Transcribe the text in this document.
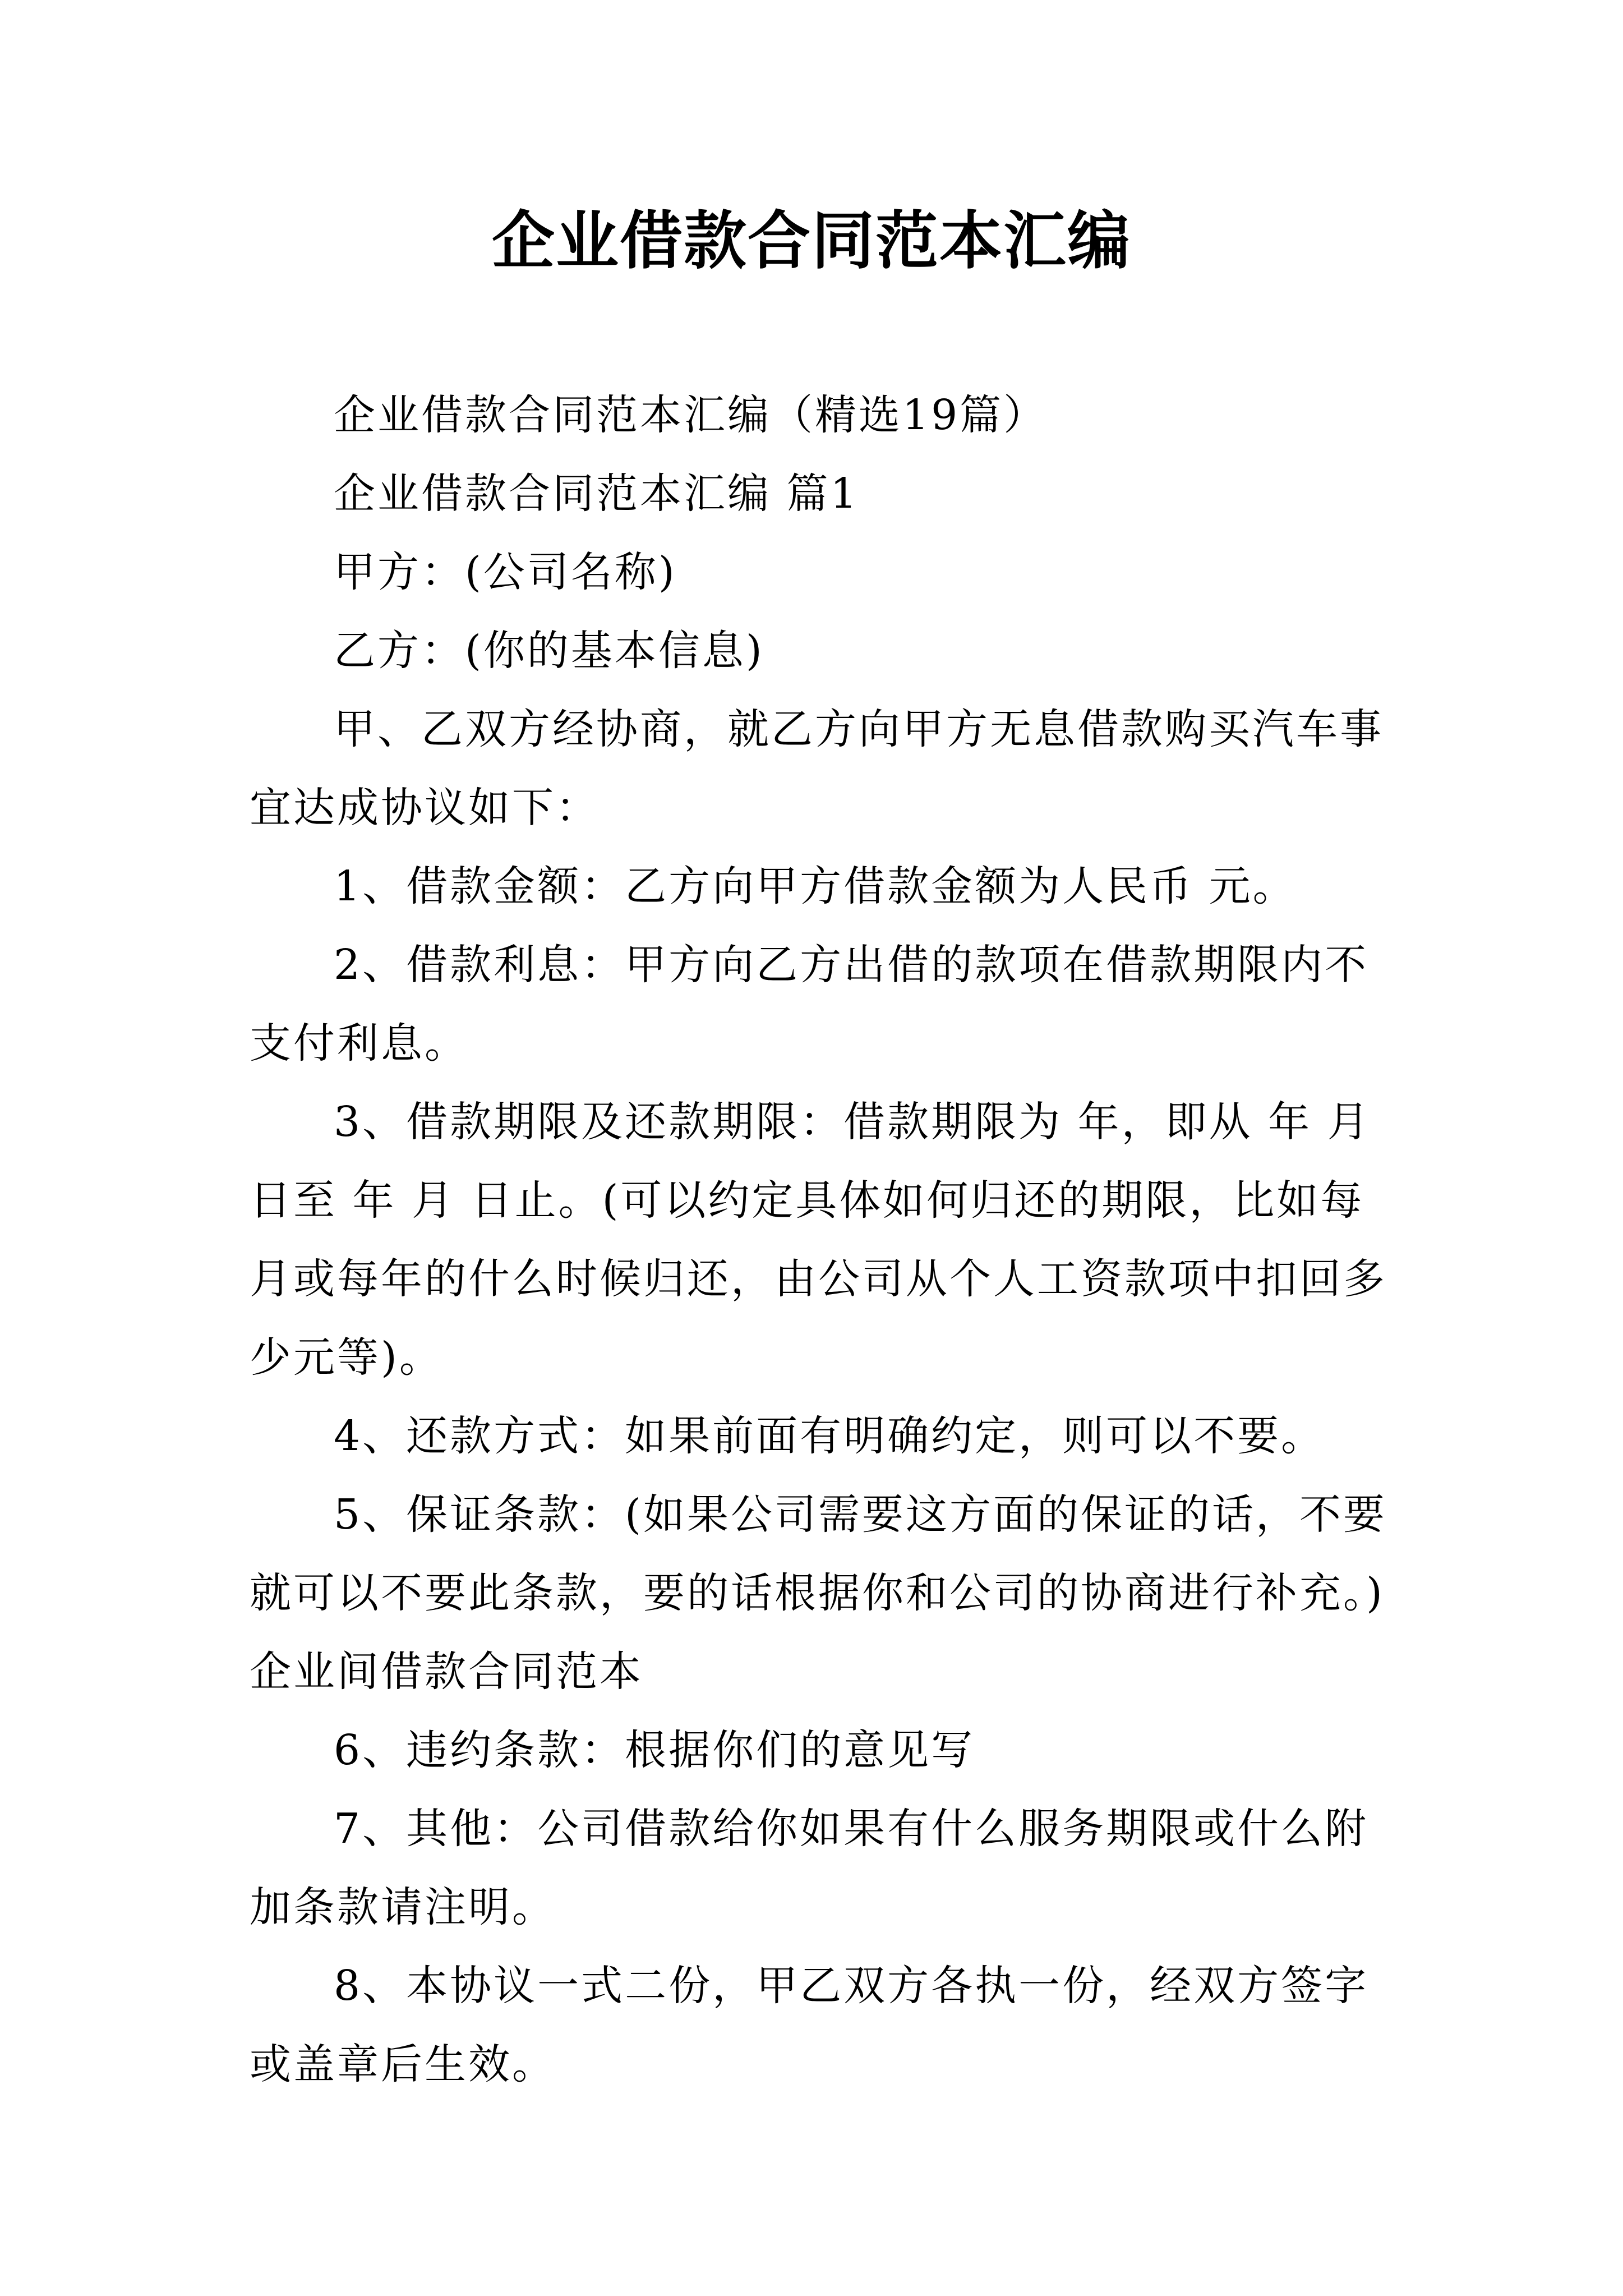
企业借款合同范本汇编

企业借款合同范本汇编（精选19篇）

企业借款合同范本汇编 篇1

甲方：(公司名称)

乙方：(你的基本信息)

甲、乙双方经协商，就乙方向甲方无息借款购买汽车事宜达成协议如下：

1、借款金额：乙方向甲方借款金额为人民币 元。

2、借款利息：甲方向乙方出借的款项在借款期限内不支付利息。

3、借款期限及还款期限：借款期限为 年，即从 年 月 日至 年 月 日止。(可以约定具体如何归还的期限，比如每月或每年的什么时候归还，由公司从个人工资款项中扣回多少元等)。

4、还款方式：如果前面有明确约定，则可以不要。

5、保证条款：(如果公司需要这方面的保证的话，不要就可以不要此条款，要的话根据你和公司的协商进行补充。)

企业间借款合同范本

6、违约条款：根据你们的意见写

7、其他：公司借款给你如果有什么服务期限或什么附加条款请注明。

8、本协议一式二份，甲乙双方各执一份，经双方签字或盖章后生效。
